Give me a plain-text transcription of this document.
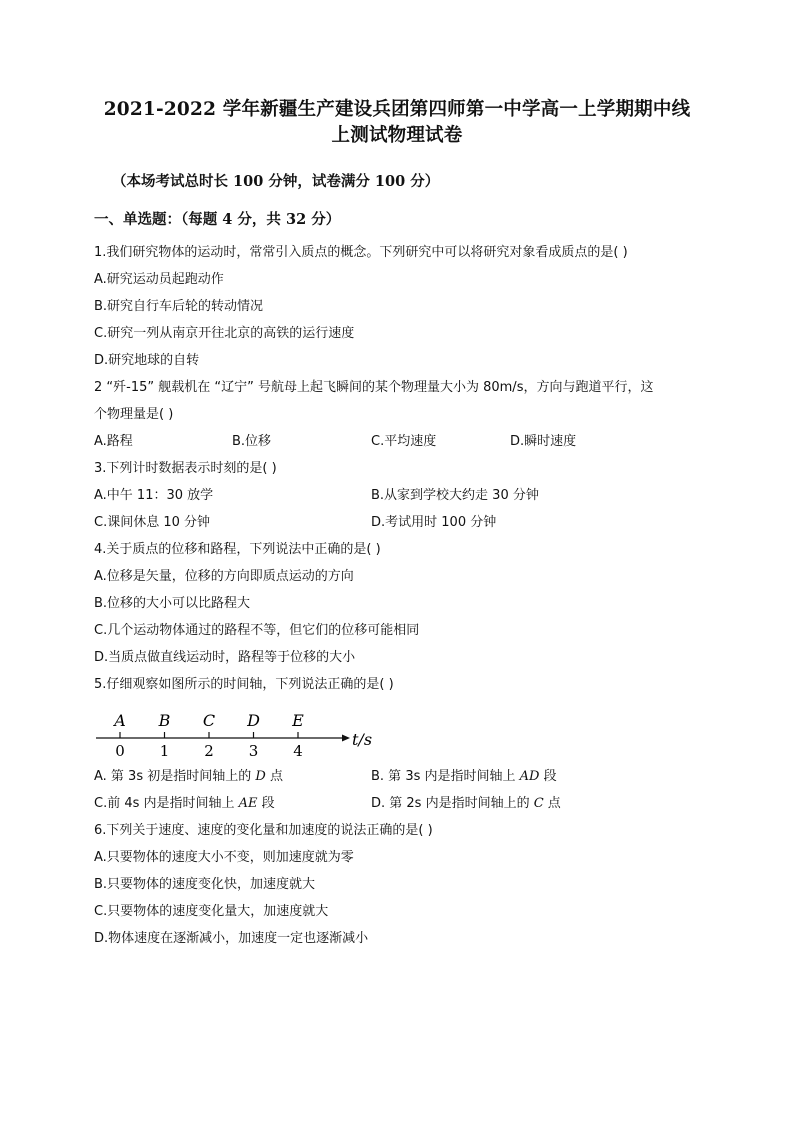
2021-2022 学年新疆生产建设兵团第四师第一中学高一上学期期中线
上测试物理试卷
（本场考试总时长 100 分钟，试卷满分 100 分）
一、单选题：（每题 4 分，共 32 分）
1.我们研究物体的运动时，常常引入质点的概念。下列研究中可以将研究对象看成质点的是( )
A.研究运动员起跑动作
B.研究自行车后轮的转动情况
C.研究一列从南京开往北京的高铁的运行速度
D.研究地球的自转
2 “歼-15” 舰载机在 “辽宁” 号航母上起飞瞬间的某个物理量大小为 80m/s，方向与跑道平行，这
个物理量是( )
A.路程	B.位移	C.平均速度	D.瞬时速度
3.下列计时数据表示时刻的是( )
A.中午 11：30 放学	B.从家到学校大约走 30 分钟
C.课间休息 10 分钟	D.考试用时 100 分钟
4.关于质点的位移和路程，下列说法中正确的是( )
A.位移是矢量，位移的方向即质点运动的方向
B.位移的大小可以比路程大
C.几个运动物体通过的路程不等，但它们的位移可能相同
D.当质点做直线运动时，路程等于位移的大小
5.仔细观察如图所示的时间轴，下列说法正确的是( )
A B C D E
0 1 2 3 4
t/s
A. 第 3s 初是指时间轴上的 D 点	B. 第 3s 内是指时间轴上 AD 段
C.前 4s 内是指时间轴上 AE 段	D. 第 2s 内是指时间轴上的 C 点
6.下列关于速度、速度的变化量和加速度的说法正确的是( )
A.只要物体的速度大小不变，则加速度就为零
B.只要物体的速度变化快，加速度就大
C.只要物体的速度变化量大，加速度就大
D.物体速度在逐渐减小，加速度一定也逐渐减小
